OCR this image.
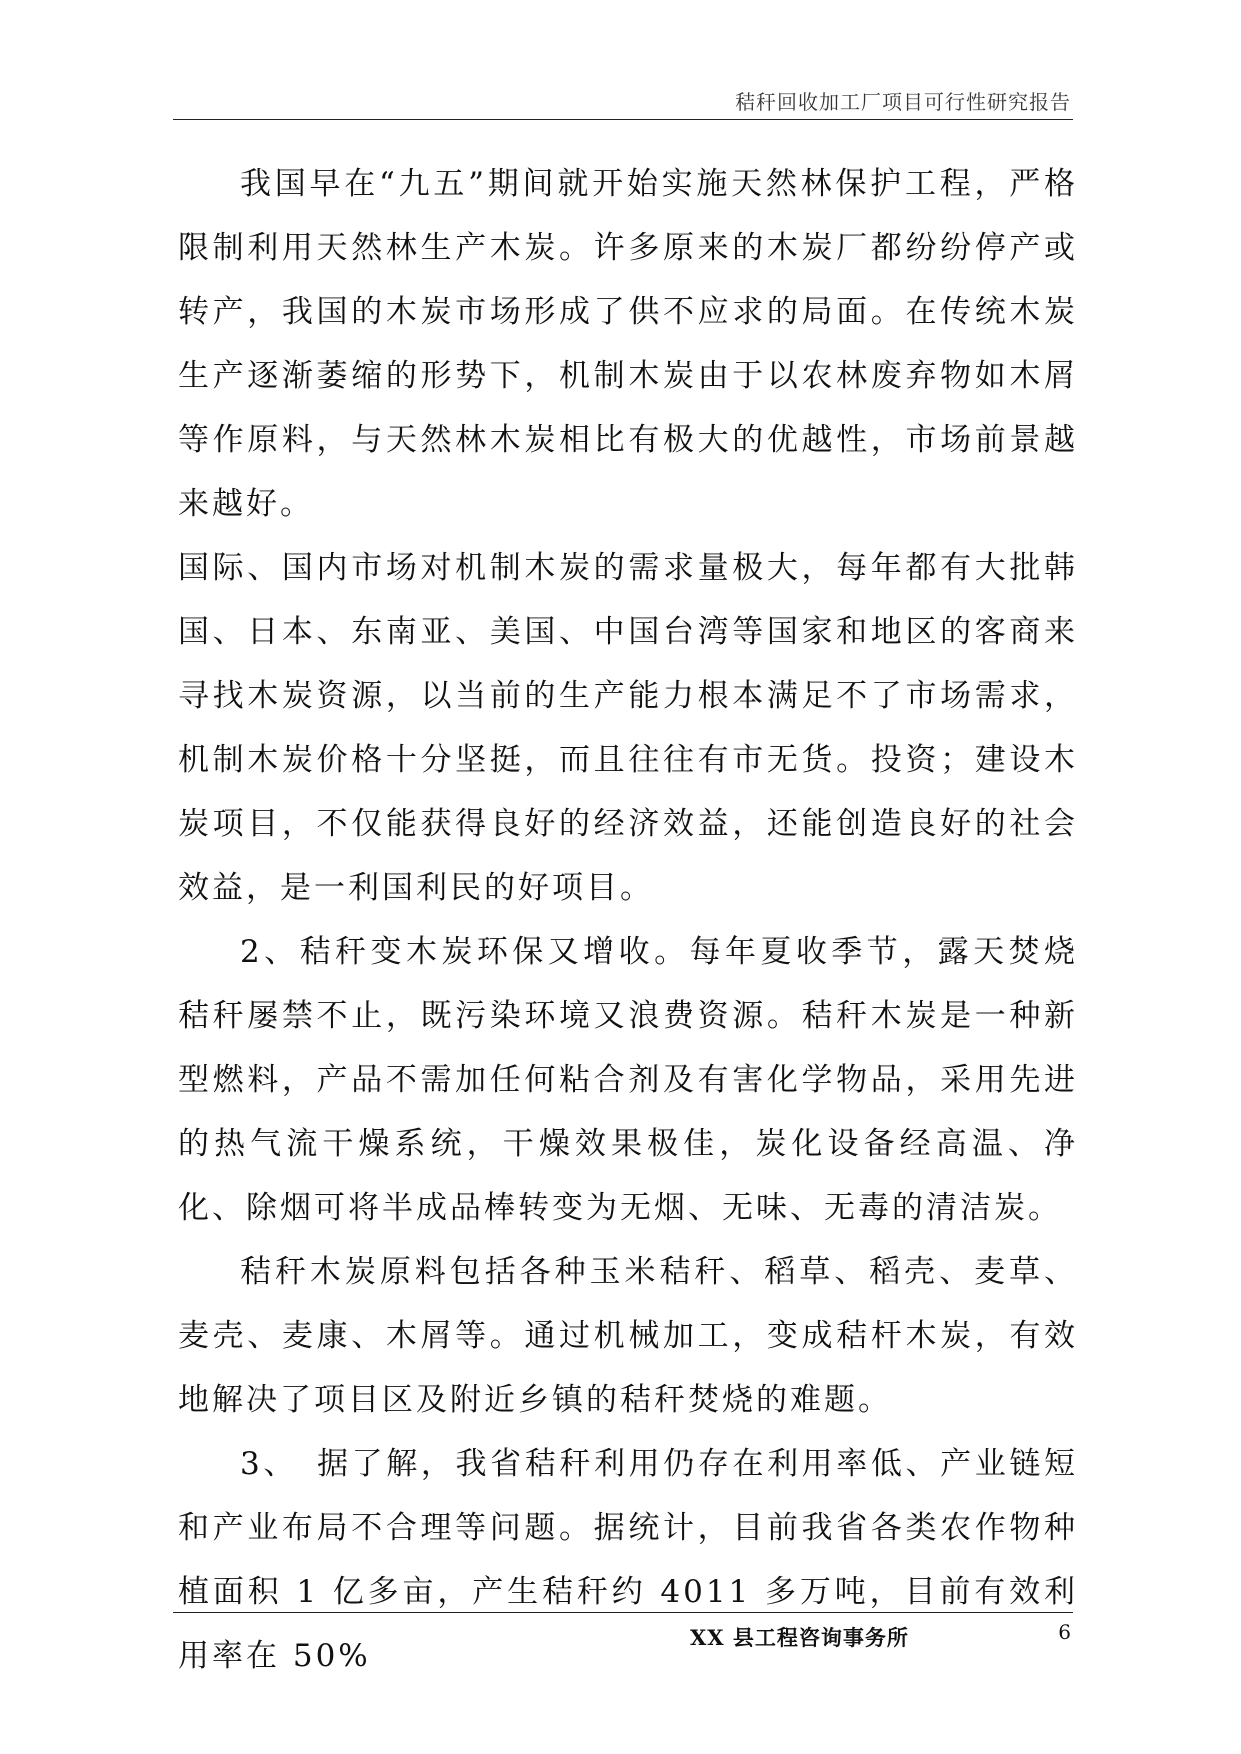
秸秆回收加工厂项目可行性研究报告

我国早在“九五”期间就开始实施天然林保护工程，严格限制利用天然林生产木炭。许多原来的木炭厂都纷纷停产或转产，我国的木炭市场形成了供不应求的局面。在传统木炭生产逐渐萎缩的形势下，机制木炭由于以农林废弃物如木屑等作原料，与天然林木炭相比有极大的优越性，市场前景越来越好。

国际、国内市场对机制木炭的需求量极大，每年都有大批韩国、日本、东南亚、美国、中国台湾等国家和地区的客商来寻找木炭资源，以当前的生产能力根本满足不了市场需求，机制木炭价格十分坚挺，而且往往有市无货。投资；建设木炭项目，不仅能获得良好的经济效益，还能创造良好的社会效益，是一利国利民的好项目。

2、秸秆变木炭环保又增收。每年夏收季节，露天焚烧秸秆屡禁不止，既污染环境又浪费资源。秸秆木炭是一种新型燃料，产品不需加任何粘合剂及有害化学物品，采用先进的热气流干燥系统，干燥效果极佳，炭化设备经高温、净化、除烟可将半成品棒转变为无烟、无味、无毒的清洁炭。

秸秆木炭原料包括各种玉米秸秆、稻草、稻壳、麦草、麦壳、麦康、木屑等。通过机械加工，变成秸杆木炭，有效地解决了项目区及附近乡镇的秸秆焚烧的难题。

3、　据了解，我省秸秆利用仍存在利用率低、产业链短和产业布局不合理等问题。据统计，目前我省各类农作物种植面积 1 亿多亩，产生秸秆约 4011 多万吨，目前有效利用率在 50%

XX 县工程咨询事务所	6
